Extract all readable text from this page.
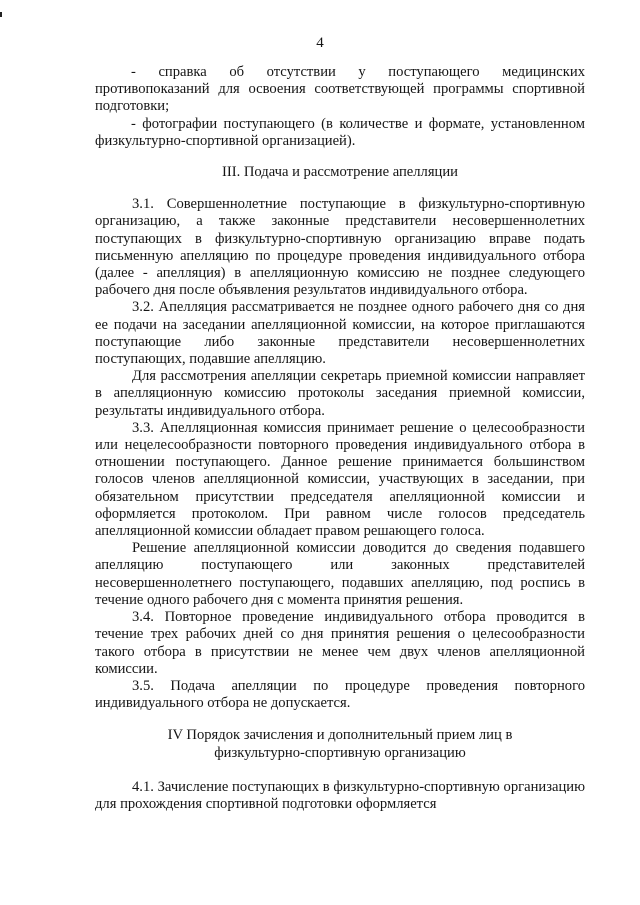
4

- справка об отсутствии у поступающего медицинских противопоказаний для освоения соответствующей программы спортивной подготовки;

- фотографии поступающего (в количестве и формате, установленном физкультурно-спортивной организацией).

III. Подача и рассмотрение апелляции

3.1. Совершеннолетние поступающие в физкультурно-спортивную организацию, а также законные представители несовершеннолетних поступающих в физкультурно-спортивную организацию вправе подать письменную апелляцию по процедуре проведения индивидуального отбора (далее - апелляция) в апелляционную комиссию не позднее следующего рабочего дня после объявления результатов индивидуального отбора.

3.2. Апелляция рассматривается не позднее одного рабочего дня со дня ее подачи на заседании апелляционной комиссии, на которое приглашаются поступающие либо законные представители несовершеннолетних поступающих, подавшие апелляцию.

Для рассмотрения апелляции секретарь приемной комиссии направляет в апелляционную комиссию протоколы заседания приемной комиссии, результаты индивидуального отбора.

3.3. Апелляционная комиссия принимает решение о целесообразности или нецелесообразности повторного проведения индивидуального отбора в отношении поступающего. Данное решение принимается большинством голосов членов апелляционной комиссии, участвующих в заседании, при обязательном присутствии председателя апелляционной комиссии и оформляется протоколом. При равном числе голосов председатель апелляционной комиссии обладает правом решающего голоса.

Решение апелляционной комиссии доводится до сведения подавшего апелляцию поступающего или законных представителей несовершеннолетнего поступающего, подавших апелляцию, под роспись в течение одного рабочего дня с момента принятия решения.

3.4. Повторное проведение индивидуального отбора проводится в течение трех рабочих дней со дня принятия решения о целесообразности такого отбора в присутствии не менее чем двух членов апелляционной комиссии.

3.5. Подача апелляции по процедуре проведения повторного индивидуального отбора не допускается.

IV Порядок зачисления и дополнительный прием лиц в

физкультурно-спортивную организацию

4.1. Зачисление поступающих в физкультурно-спортивную организацию для прохождения спортивной подготовки оформляется
